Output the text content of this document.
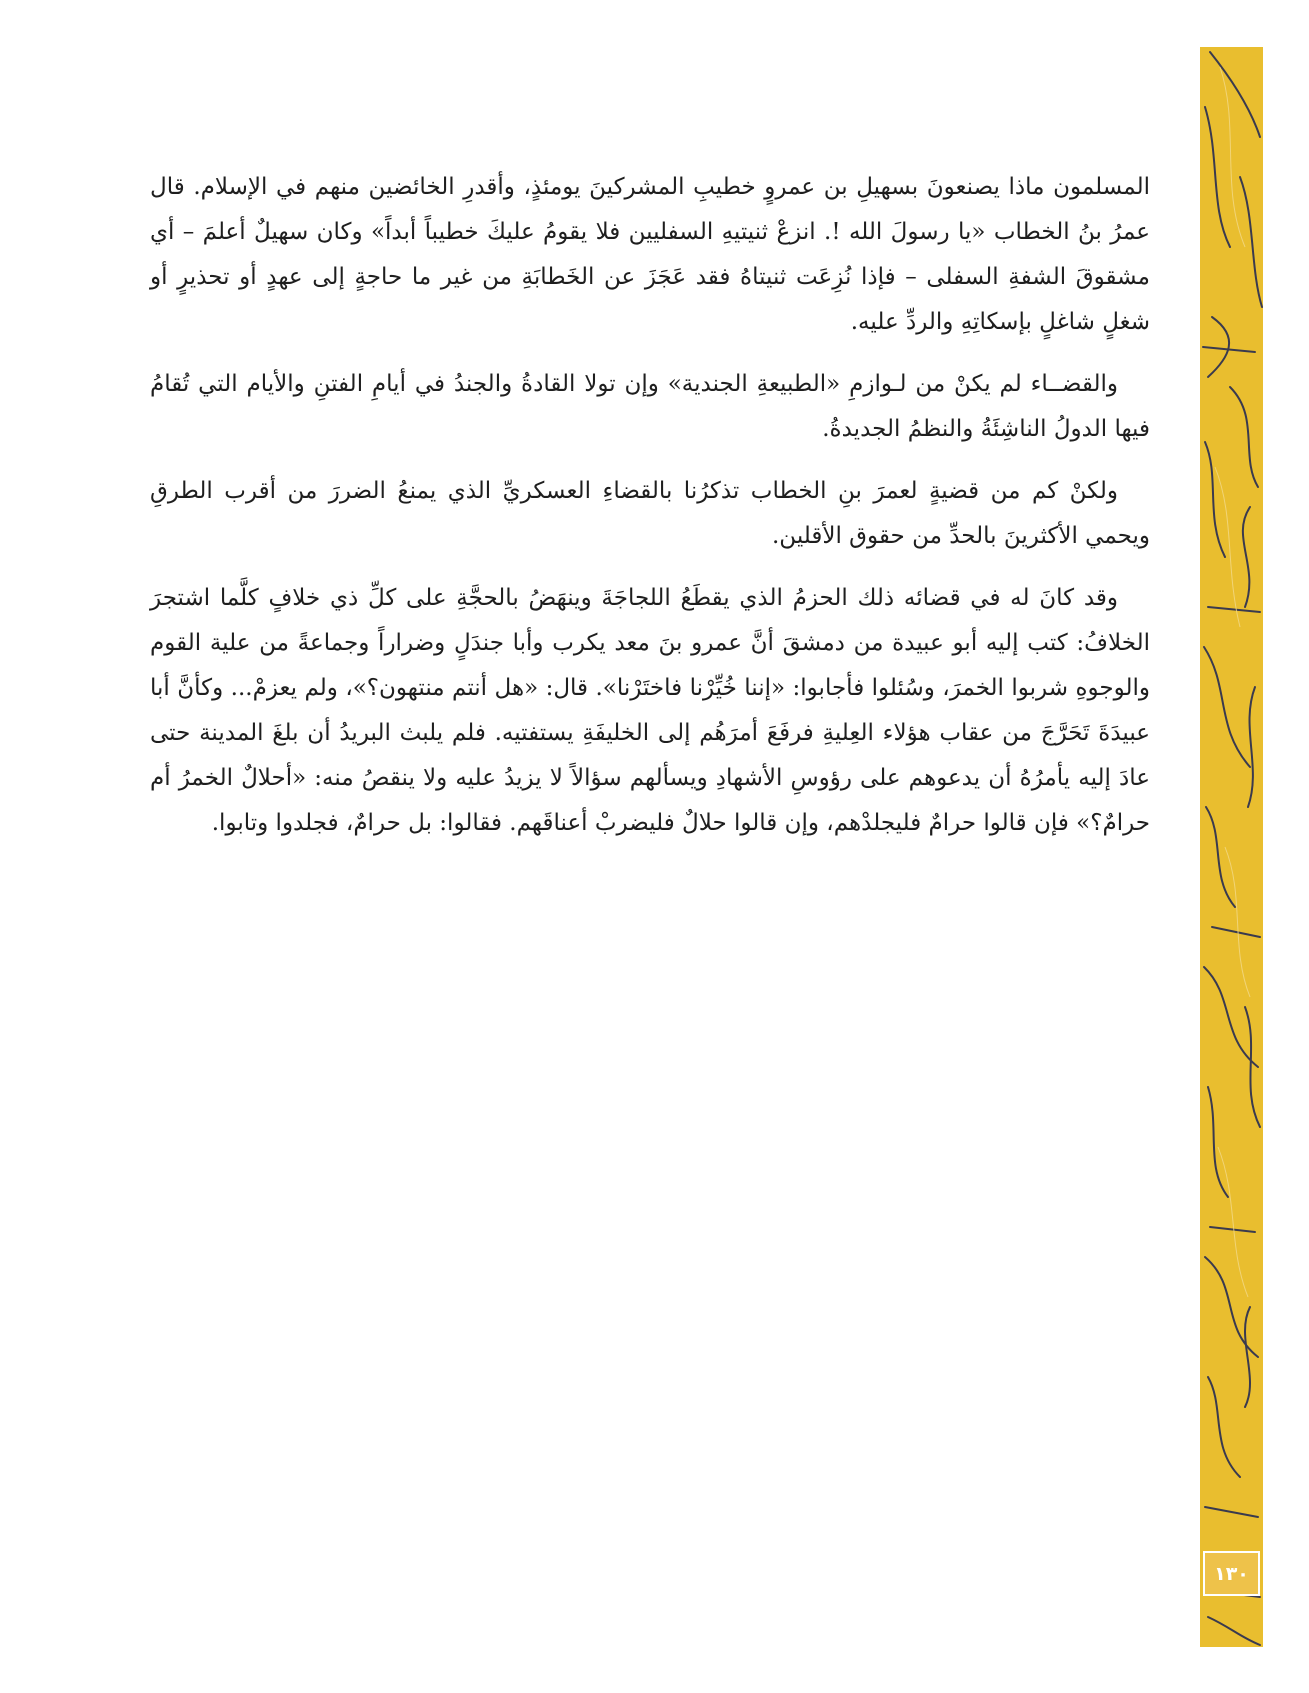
المسلمون ماذا يصنعونَ بسهيلِ بن عمروٍ خطيبِ المشركينَ يومئذٍ، وأقدرِ الخائضين منهم في الإسلام. قال عمرُ بنُ الخطاب «يا رسولَ الله !. انزعْ ثنيتيهِ السفليين فلا يقومُ عليكَ خطيباً أبداً» وكان سهيلٌ أعلمَ – أي مشقوقَ الشفةِ السفلى – فإذا نُزِعَت ثنيتاهُ فقد عَجَزَ عن الخَطابَةِ من غير ما حاجةٍ إلى عهدٍ أو تحذيرٍ أو شغلٍ شاغلٍ بإسكاتِهِ والردِّ عليه.

والقضــاء لم يكنْ من لـوازمِ «الطبيعةِ الجندية» وإن تولا القادةُ والجندُ في أيامِ الفتنِ والأيام التي تُقامُ فيها الدولُ الناشِئَةُ والنظمُ الجديدةُ.

ولكنْ كم من قضيةٍ لعمرَ بنِ الخطاب تذكرُنا بالقضاءِ العسكريِّ الذي يمنعُ الضررَ من أقرب الطرقِ ويحمي الأكثرينَ بالحدِّ من حقوق الأقلين.

وقد كانَ له في قضائه ذلك الحزمُ الذي يقطَعُ اللجاجَةَ وينهَضُ بالحجَّةِ على كلِّ ذي خلافٍ كلَّما اشتجرَ الخلافُ: كتب إليه أبو عبيدة من دمشقَ أنَّ عمرو بنَ معد يكرب وأبا جندَلٍ وضراراً وجماعةً من علية القوم والوجوهِ شربوا الخمرَ، وسُئلوا فأجابوا: «إننا خُيِّرْنا فاختَرْنا». قال: «هل أنتم منتهون؟»، ولم يعزمْ... وكأنَّ أبا عبيدَةَ تَحَرَّجَ من عقاب هؤلاء العِليةِ فرفَعَ أمرَهُم إلى الخليفَةِ يستفتيه. فلم يلبث البريدُ أن بلغَ المدينة حتى عادَ إليه يأمرُهُ أن يدعوهم على رؤوسِ الأشهادِ ويسألهم سؤالاً لا يزيدُ عليه ولا ينقصُ منه: «أحلالٌ الخمرُ أم حرامٌ؟» فإن قالوا حرامٌ فليجلدْهم، وإن قالوا حلالٌ فليضربْ أعناقَهم. فقالوا: بل حرامٌ، فجلدوا وتابوا.

١٣٠
